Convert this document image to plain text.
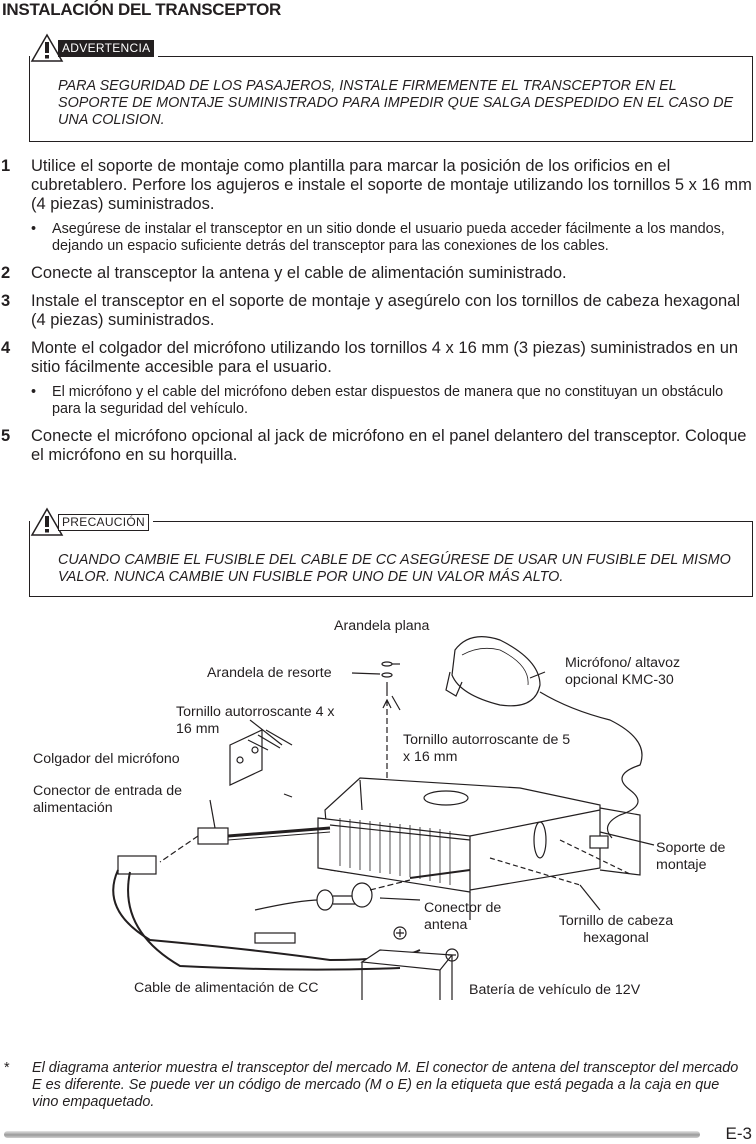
INSTALACIÓN DEL TRANSCEPTOR
PARA SEGURIDAD DE LOS PASAJEROS, INSTALE FIRMEMENTE EL TRANSCEPTOR EN EL SOPORTE DE MONTAJE SUMINISTRADO PARA IMPEDIR QUE SALGA DESPEDIDO EN EL CASO DE UNA COLISION.
ADVERTENCIA
1 Utilice el soporte de montaje como plantilla para marcar la posición de los orificios en el cubretablero. Perfore los agujeros e instale el soporte de montaje utilizando los tornillos 5 x 16 mm (4 piezas) suministrados.
• Asegúrese de instalar el transceptor en un sitio donde el usuario pueda acceder fácilmente a los mandos, dejando un espacio suficiente detrás del transceptor para las conexiones de los cables.
2 Conecte al transceptor la antena y el cable de alimentación suministrado.
3 Instale el transceptor en el soporte de montaje y asegúrelo con los tornillos de cabeza hexagonal (4 piezas) suministrados.
4 Monte el colgador del micrófono utilizando los tornillos 4 x 16 mm (3 piezas) suministrados en un sitio fácilmente accesible para el usuario.
• El micrófono y el cable del micrófono deben estar dispuestos de manera que no constituyan un obstáculo para la seguridad del vehículo.
5 Conecte el micrófono opcional al jack de micrófono en el panel delantero del transceptor. Coloque el micrófono en su horquilla.
CUANDO CAMBIE EL FUSIBLE DEL CABLE DE CC ASEGÚRESE DE USAR UN FUSIBLE DEL MISMO VALOR. NUNCA CAMBIE UN FUSIBLE POR UNO DE UN VALOR MÁS ALTO.
PRECAUCIÓN
Arandela plana
Arandela de resorte
Micrófono/ altavoz opcional KMC-30
Tornillo autorroscante 4 x 16 mm
Tornillo autorroscante de 5 x 16 mm
Colgador del micrófono
Conector de entrada de alimentación
Soporte de montaje
Conector de antena	Tornillo de cabeza hexagonal
Cable de alimentación de CC	Batería de vehículo de 12V
* El diagrama anterior muestra el transceptor del mercado M. El conector de antena del transceptor del mercado E es diferente. Se puede ver un código de mercado (M o E) en la etiqueta que está pegada a la caja en que vino empaquetado.
E-3
